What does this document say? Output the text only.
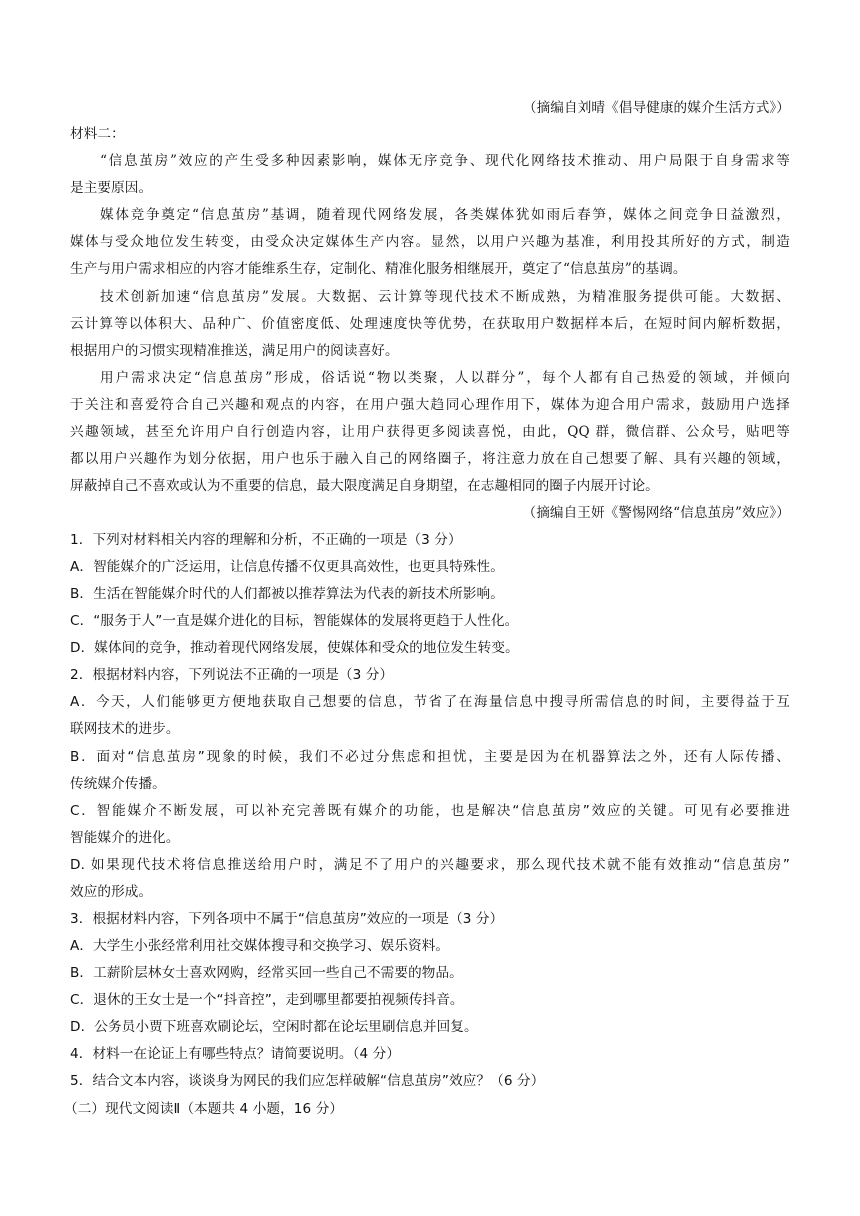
（摘编自刘晴《倡导健康的媒介生活方式》）
材料二：
“信息茧房”效应的产生受多种因素影响，媒体无序竞争、现代化网络技术推动、用户局限于自身需求等
是主要原因。
媒体竞争奠定“信息茧房”基调，随着现代网络发展，各类媒体犹如雨后春笋，媒体之间竞争日益激烈，
媒体与受众地位发生转变，由受众决定媒体生产内容。显然，以用户兴趣为基准，利用投其所好的方式，制造
生产与用户需求相应的内容才能维系生存，定制化、精准化服务相继展开，奠定了“信息茧房”的基调。
技术创新加速“信息茧房”发展。大数据、云计算等现代技术不断成熟，为精准服务提供可能。大数据、
云计算等以体积大、品种广、价值密度低、处理速度快等优势，在获取用户数据样本后，在短时间内解析数据，
根据用户的习惯实现精准推送，满足用户的阅读喜好。
用户需求决定“信息茧房”形成，俗话说“物以类聚，人以群分”，每个人都有自己热爱的领域，并倾向
于关注和喜爱符合自己兴趣和观点的内容，在用户强大趋同心理作用下，媒体为迎合用户需求，鼓励用户选择
兴趣领域，甚至允许用户自行创造内容，让用户获得更多阅读喜悦，由此，QQ 群，微信群、公众号，贴吧等
都以用户兴趣作为划分依据，用户也乐于融入自己的网络圈子，将注意力放在自己想要了解、具有兴趣的领域，
屏蔽掉自己不喜欢或认为不重要的信息，最大限度满足自身期望，在志趣相同的圈子内展开讨论。
（摘编自王妍《警惕网络“信息茧房”效应》）
1．下列对材料相关内容的理解和分析，不正确的一项是（3 分）
A．智能媒介的广泛运用，让信息传播不仅更具高效性，也更具特殊性。
B．生活在智能媒介时代的人们都被以推荐算法为代表的新技术所影响。
C．“服务于人”一直是媒介进化的目标，智能媒体的发展将更趋于人性化。
D．媒体间的竞争，推动着现代网络发展，使媒体和受众的地位发生转变。
2．根据材料内容，下列说法不正确的一项是（3 分）
A．今天，人们能够更方便地获取自己想要的信息，节省了在海量信息中搜寻所需信息的时间，主要得益于互
联网技术的进步。
B．面对“信息茧房”现象的时候，我们不必过分焦虑和担忧，主要是因为在机器算法之外，还有人际传播、
传统媒介传播。
C．智能媒介不断发展，可以补充完善既有媒介的功能，也是解决“信息茧房”效应的关键。可见有必要推进
智能媒介的进化。
D. 如果现代技术将信息推送给用户时，满足不了用户的兴趣要求，那么现代技术就不能有效推动“信息茧房”
效应的形成。
3．根据材料内容，下列各项中不属于“信息茧房”效应的一项是（3 分）
A．大学生小张经常利用社交媒体搜寻和交换学习、娱乐资料。
B．工薪阶层林女士喜欢网购，经常买回一些自己不需要的物品。
C．退休的王女士是一个“抖音控”，走到哪里都要拍视频传抖音。
D．公务员小贾下班喜欢刷论坛，空闲时都在论坛里刷信息并回复。
4．材料一在论证上有哪些特点？请简要说明。（4 分）
5．结合文本内容，谈谈身为网民的我们应怎样破解“信息茧房”效应？（6 分）
（二）现代文阅读Ⅱ（本题共 4 小题，16 分）
